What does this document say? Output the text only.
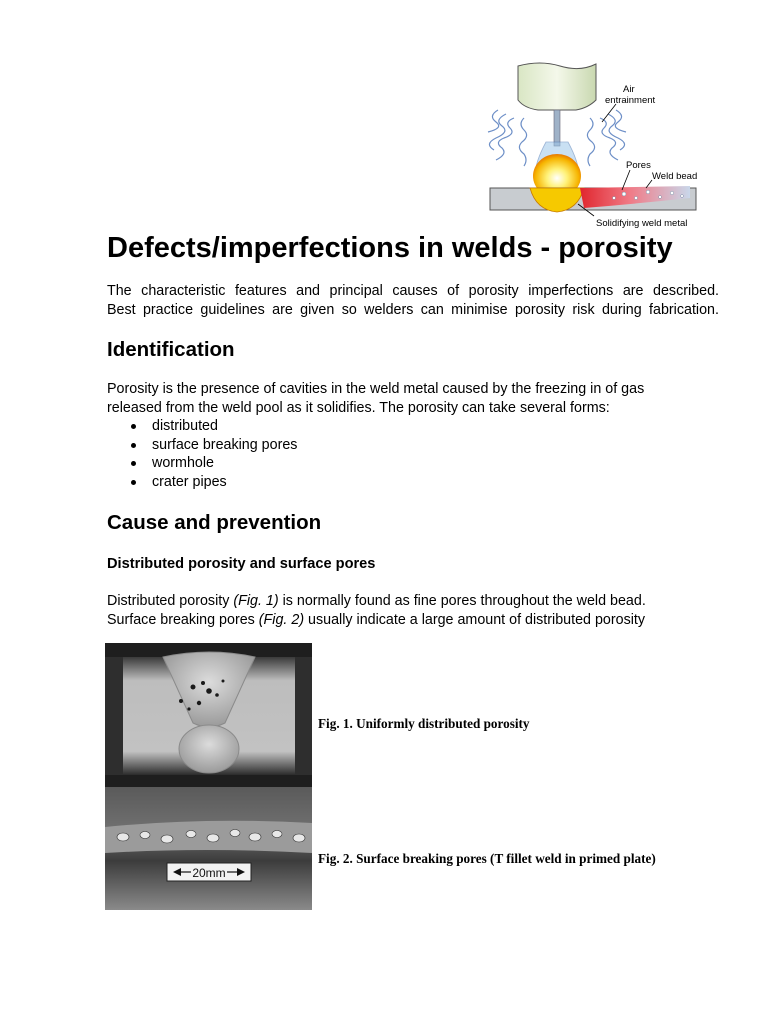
Air
entrainment
Pores
Weld bead
Solidifying weld metal
Defects/imperfections in welds - porosity

The characteristic features and principal causes of porosity imperfections are described.
Best practice guidelines are given so welders can minimise porosity risk during fabrication.

Identification

Porosity is the presence of cavities in the weld metal caused by the freezing in of gas
released from the weld pool as it solidifies. The porosity can take several forms:

distributed
surface breaking pores
wormhole
crater pipes
Cause and prevention
Distributed porosity and surface pores

Distributed porosity (Fig. 1) is normally found as fine pores throughout the weld bead.
Surface breaking pores (Fig. 2) usually indicate a large amount of distributed porosity

20mm
Fig. 1. Uniformly distributed porosity
Fig. 2. Surface breaking pores (T fillet weld in primed plate)
